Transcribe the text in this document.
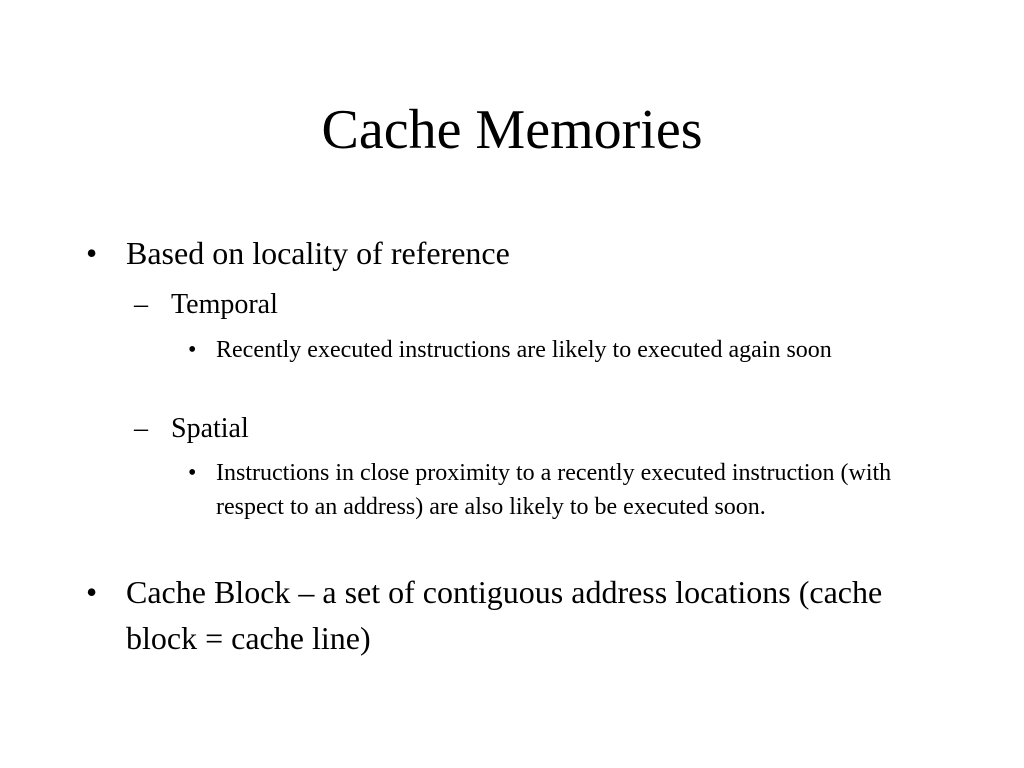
Cache Memories
• Based on locality of reference
– Temporal
• Recently executed instructions are likely to executed again soon
– Spatial
• Instructions in close proximity to a recently executed instruction (with respect to an address) are also likely to be executed soon.
• Cache Block – a set of contiguous address locations (cache block = cache line)
